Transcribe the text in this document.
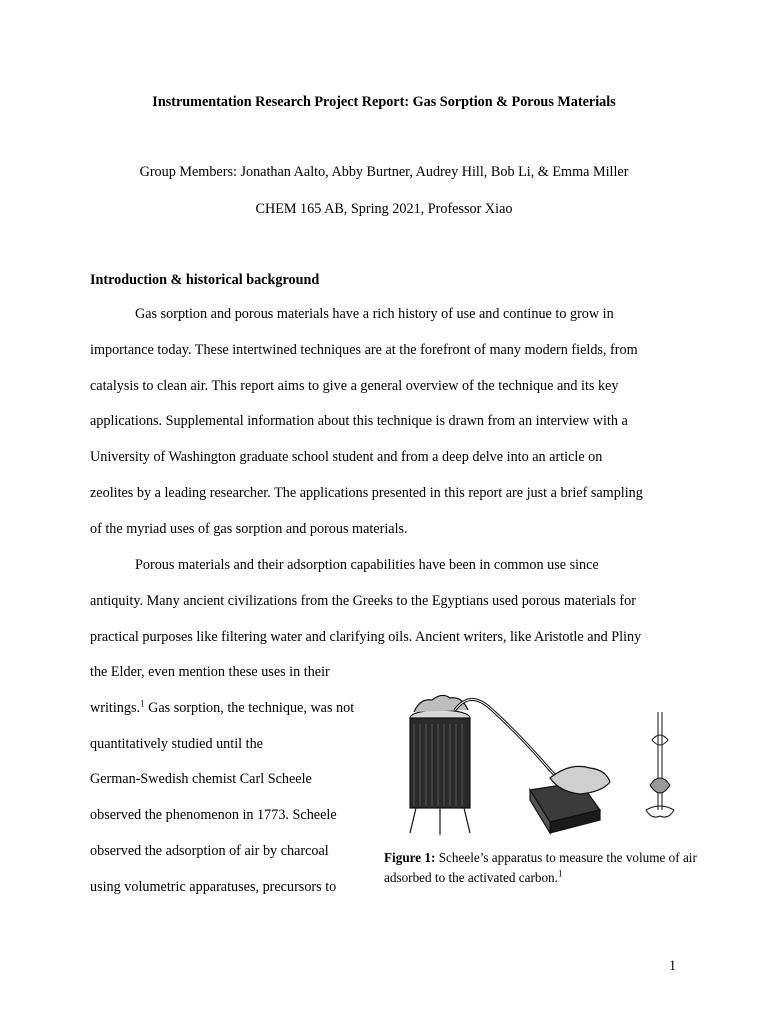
Instrumentation Research Project Report: Gas Sorption & Porous Materials
Group Members: Jonathan Aalto, Abby Burtner, Audrey Hill, Bob Li, & Emma Miller
CHEM 165 AB, Spring 2021, Professor Xiao
Introduction & historical background
Gas sorption and porous materials have a rich history of use and continue to grow in
importance today. These intertwined techniques are at the forefront of many modern fields, from
catalysis to clean air. This report aims to give a general overview of the technique and its key
applications. Supplemental information about this technique is drawn from an interview with a
University of Washington graduate school student and from a deep delve into an article on
zeolites by a leading researcher. The applications presented in this report are just a brief sampling
of the myriad uses of gas sorption and porous materials.
Porous materials and their adsorption capabilities have been in common use since
antiquity. Many ancient civilizations from the Greeks to the Egyptians used porous materials for
practical purposes like filtering water and clarifying oils. Ancient writers, like Aristotle and Pliny
the Elder, even mention these uses in their
writings.$^1$ Gas sorption, the technique, was not
quantitatively studied until the
German-Swedish chemist Carl Scheele
observed the phenomenon in 1773. Scheele
observed the adsorption of air by charcoal
using volumetric apparatuses, precursors to
Figure 1: Scheele’s apparatus to measure the volume of air adsorbed to the activated carbon.$^1$
1
